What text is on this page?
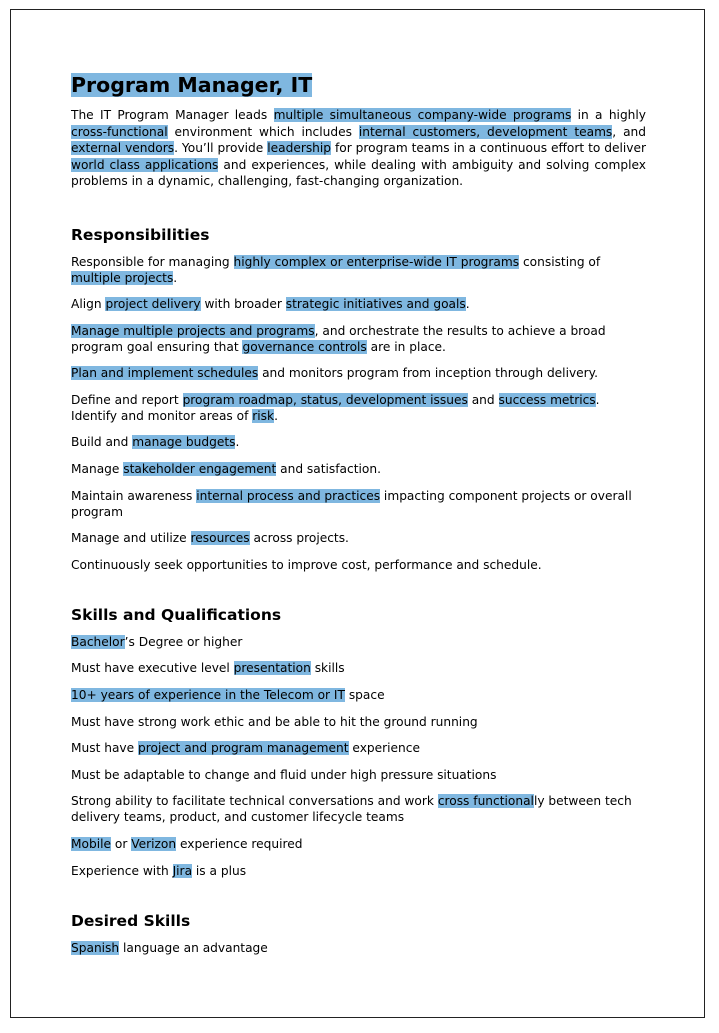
Program Manager, IT

The IT Program Manager leads multiple simultaneous company-wide programs in a highly cross-functional environment which includes internal customers, development teams, and external vendors. You’ll provide leadership for program teams in a continuous effort to deliver world class applications and experiences, while dealing with ambiguity and solving complex problems in a dynamic, challenging, fast-changing organization.

Responsibilities

Responsible for managing highly complex or enterprise-wide IT programs consisting of multiple projects.

Align project delivery with broader strategic initiatives and goals.

Manage multiple projects and programs, and orchestrate the results to achieve a broad program goal ensuring that governance controls are in place.

Plan and implement schedules and monitors program from inception through delivery.

Define and report program roadmap, status, development issues and success metrics. Identify and monitor areas of risk.

Build and manage budgets.

Manage stakeholder engagement and satisfaction.

Maintain awareness internal process and practices impacting component projects or overall program

Manage and utilize resources across projects.

Continuously seek opportunities to improve cost, performance and schedule.

Skills and Qualifications

Bachelor’s Degree or higher

Must have executive level presentation skills

10+ years of experience in the Telecom or IT space

Must have strong work ethic and be able to hit the ground running

Must have project and program management experience

Must be adaptable to change and fluid under high pressure situations

Strong ability to facilitate technical conversations and work cross functionally between tech delivery teams, product, and customer lifecycle teams

Mobile or Verizon experience required

Experience with Jira is a plus

Desired Skills

Spanish language an advantage
